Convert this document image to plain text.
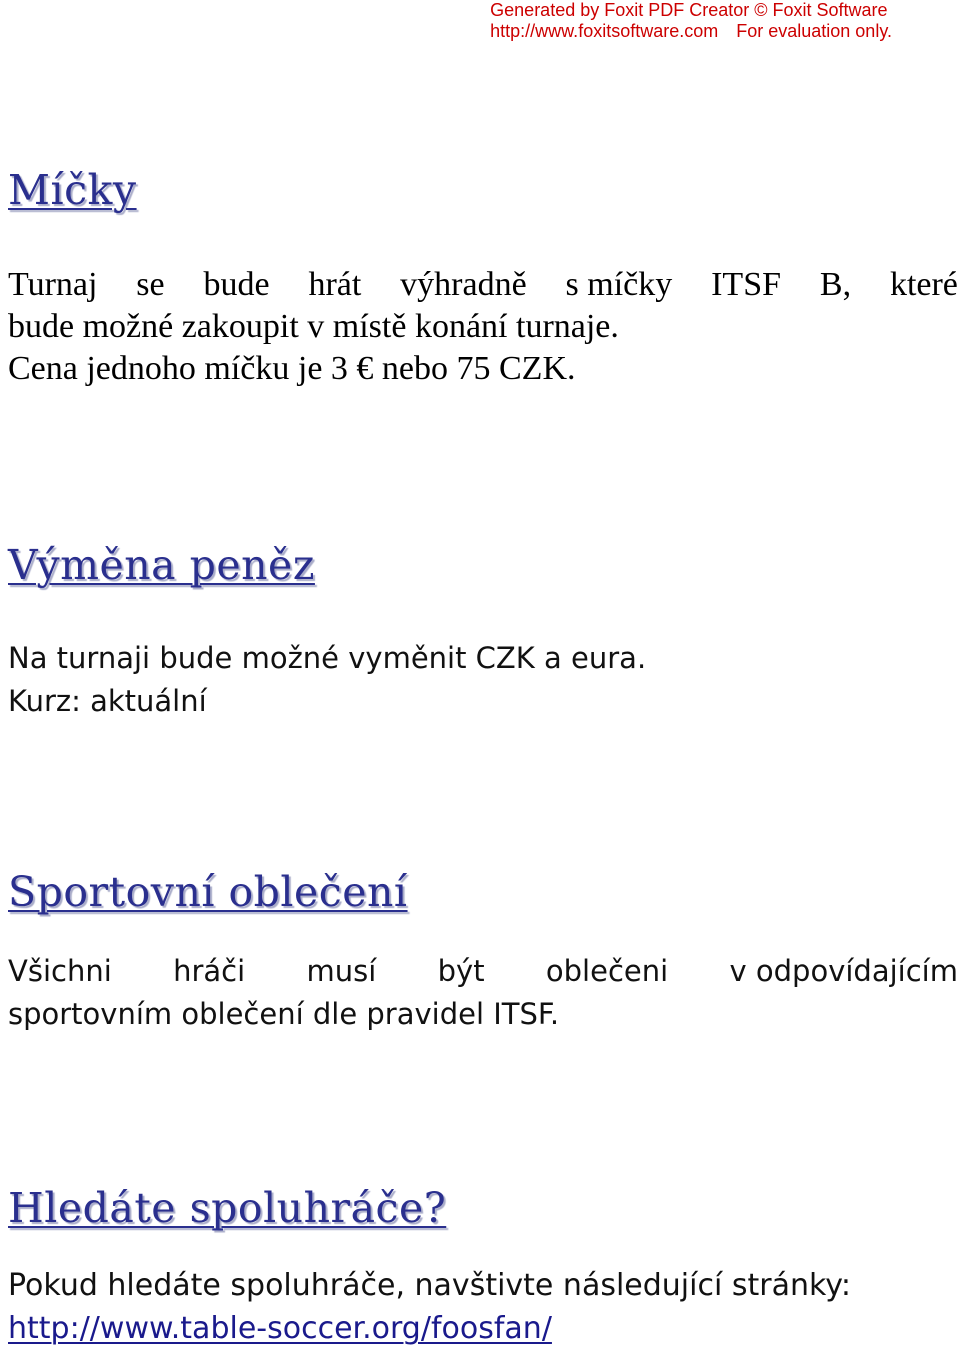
Generated by Foxit PDF Creator © Foxit Software
http://www.foxitsoftware.com For evaluation only.
Míčky
Turnaj se bude hrát výhradně s míčky ITSF B, které
bude možné zakoupit v místě konání turnaje.
Cena jednoho míčku je 3 € nebo 75 CZK.
Výměna peněz
Na turnaji bude možné vyměnit CZK a eura.
Kurz: aktuální
Sportovní oblečení
Všichni hráči musí být oblečeni v odpovídajícím
sportovním oblečení dle pravidel ITSF.
Hledáte spoluhráče?
Pokud hledáte spoluhráče, navštivte následující stránky:
http://www.table-soccer.org/foosfan/
